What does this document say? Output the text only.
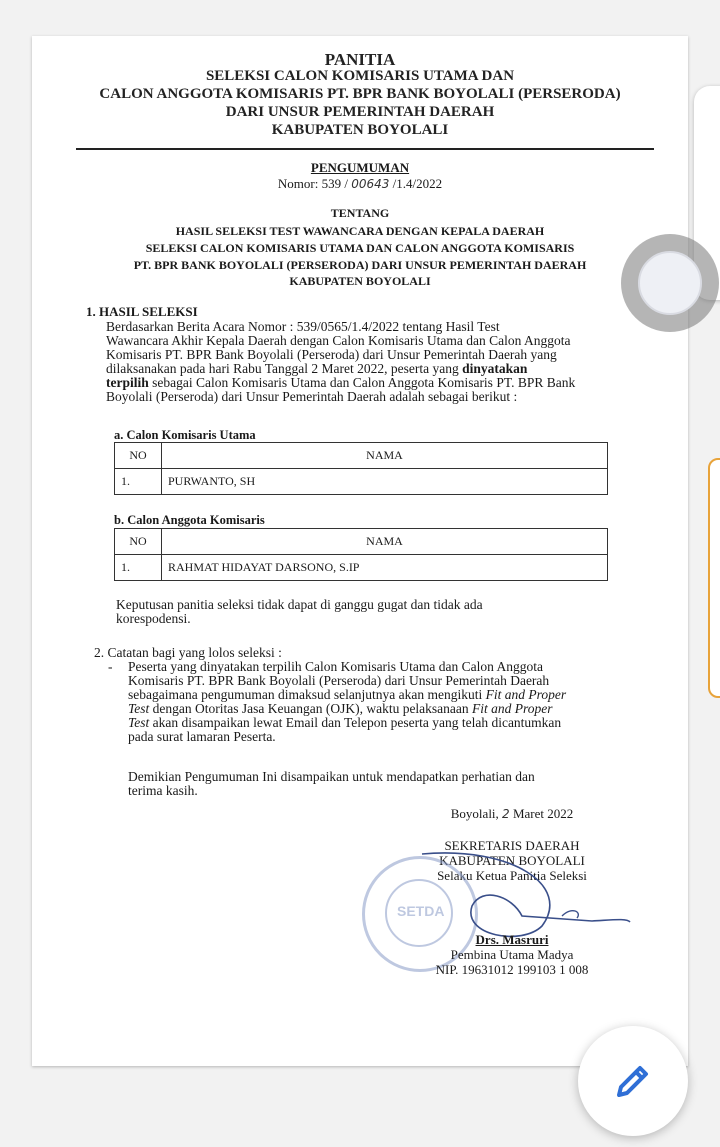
PANITIA
SELEKSI CALON KOMISARIS UTAMA DAN
CALON ANGGOTA KOMISARIS PT. BPR BANK BOYOLALI (PERSERODA)
DARI UNSUR PEMERINTAH DAERAH
KABUPATEN BOYOLALI
PENGUMUMAN
Nomor: 539 / 00643 /1.4/2022
TENTANG
HASIL SELEKSI TEST WAWANCARA DENGAN KEPALA DAERAH
SELEKSI CALON KOMISARIS UTAMA DAN CALON ANGGOTA KOMISARIS
PT. BPR BANK BOYOLALI (PERSERODA) DARI UNSUR PEMERINTAH DAERAH
KABUPATEN BOYOLALI
1. HASIL SELEKSI
Berdasarkan Berita Acara Nomor : 539/0565/1.4/2022 tentang Hasil Test
Wawancara Akhir Kepala Daerah dengan Calon Komisaris Utama dan Calon Anggota
Komisaris PT. BPR Bank Boyolali (Perseroda) dari Unsur Pemerintah Daerah yang
dilaksanakan pada hari Rabu Tanggal 2 Maret 2022, peserta yang dinyatakan
terpilih sebagai Calon Komisaris Utama dan Calon Anggota Komisaris PT. BPR Bank
Boyolali (Perseroda) dari Unsur Pemerintah Daerah adalah sebagai berikut :
a. Calon Komisaris Utama
NO	NAMA
1.	PURWANTO, SH
b. Calon Anggota Komisaris
NO	NAMA
1.	RAHMAT HIDAYAT DARSONO, S.IP
Keputusan panitia seleksi tidak dapat di ganggu gugat dan tidak ada
korespodensi.
2. Catatan bagi yang lolos seleksi :
- Peserta yang dinyatakan terpilih Calon Komisaris Utama dan Calon Anggota
Komisaris PT. BPR Bank Boyolali (Perseroda) dari Unsur Pemerintah Daerah
sebagaimana pengumuman dimaksud selanjutnya akan mengikuti Fit and Proper
Test dengan Otoritas Jasa Keuangan (OJK), waktu pelaksanaan Fit and Proper
Test akan disampaikan lewat Email dan Telepon peserta yang telah dicantumkan
pada surat lamaran Peserta.
Demikian Pengumuman Ini disampaikan untuk mendapatkan perhatian dan
terima kasih.
Boyolali, 2 Maret 2022
SEKRETARIS DAERAH
KABUPATEN BOYOLALI
Selaku Ketua Panitia Seleksi
SETDA
Drs. Masruri
Pembina Utama Madya
NIP. 19631012 199103 1 008
